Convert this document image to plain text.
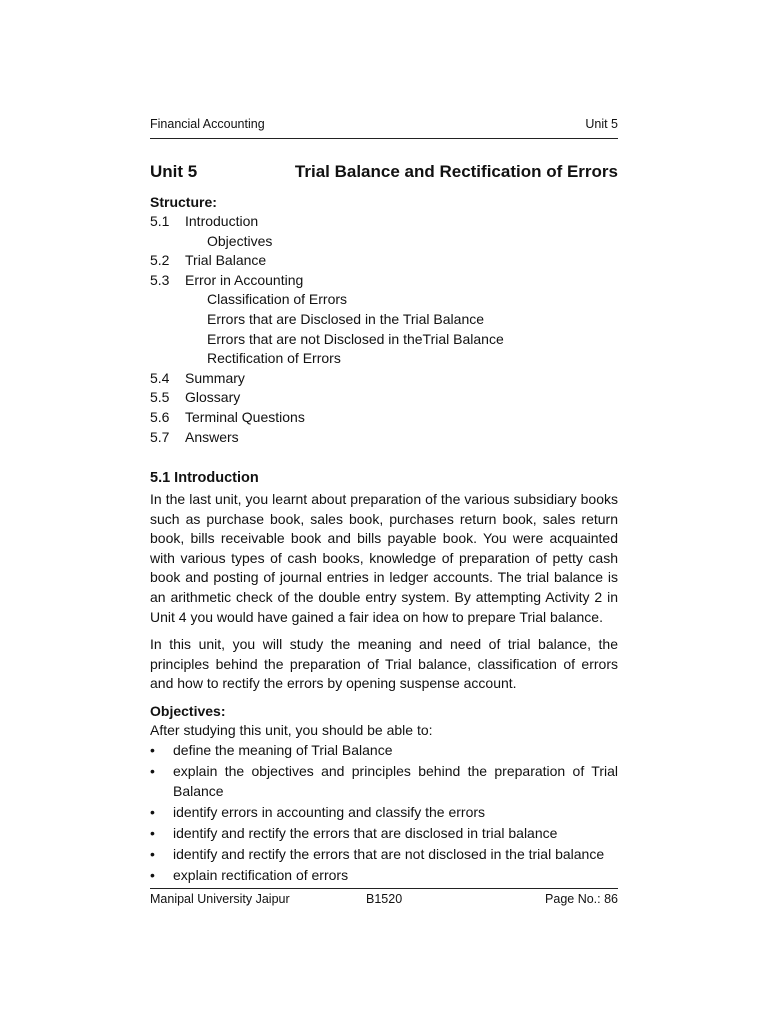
Financial Accounting	Unit 5
Unit 5	Trial Balance and Rectification of Errors
Structure:
5.1 Introduction
Objectives
5.2 Trial Balance
5.3 Error in Accounting
Classification of Errors
Errors that are Disclosed in the Trial Balance
Errors that are not Disclosed in theTrial Balance
Rectification of Errors
5.4 Summary
5.5 Glossary
5.6 Terminal Questions
5.7 Answers
5.1 Introduction

In the last unit, you learnt about preparation of the various subsidiary books such as purchase book, sales book, purchases return book, sales return book, bills receivable book and bills payable book. You were acquainted with various types of cash books, knowledge of preparation of petty cash book and posting of journal entries in ledger accounts. The trial balance is an arithmetic check of the double entry system. By attempting Activity 2 in Unit 4 you would have gained a fair idea on how to prepare Trial balance.

In this unit, you will study the meaning and need of trial balance, the principles behind the preparation of Trial balance, classification of errors and how to rectify the errors by opening suspense account.

Objectives:
After studying this unit, you should be able to:
• define the meaning of Trial Balance
• explain the objectives and principles behind the preparation of Trial Balance
• identify errors in accounting and classify the errors
• identify and rectify the errors that are disclosed in trial balance
• identify and rectify the errors that are not disclosed in the trial balance
• explain rectification of errors
Manipal University Jaipur	B1520	Page No.: 86
